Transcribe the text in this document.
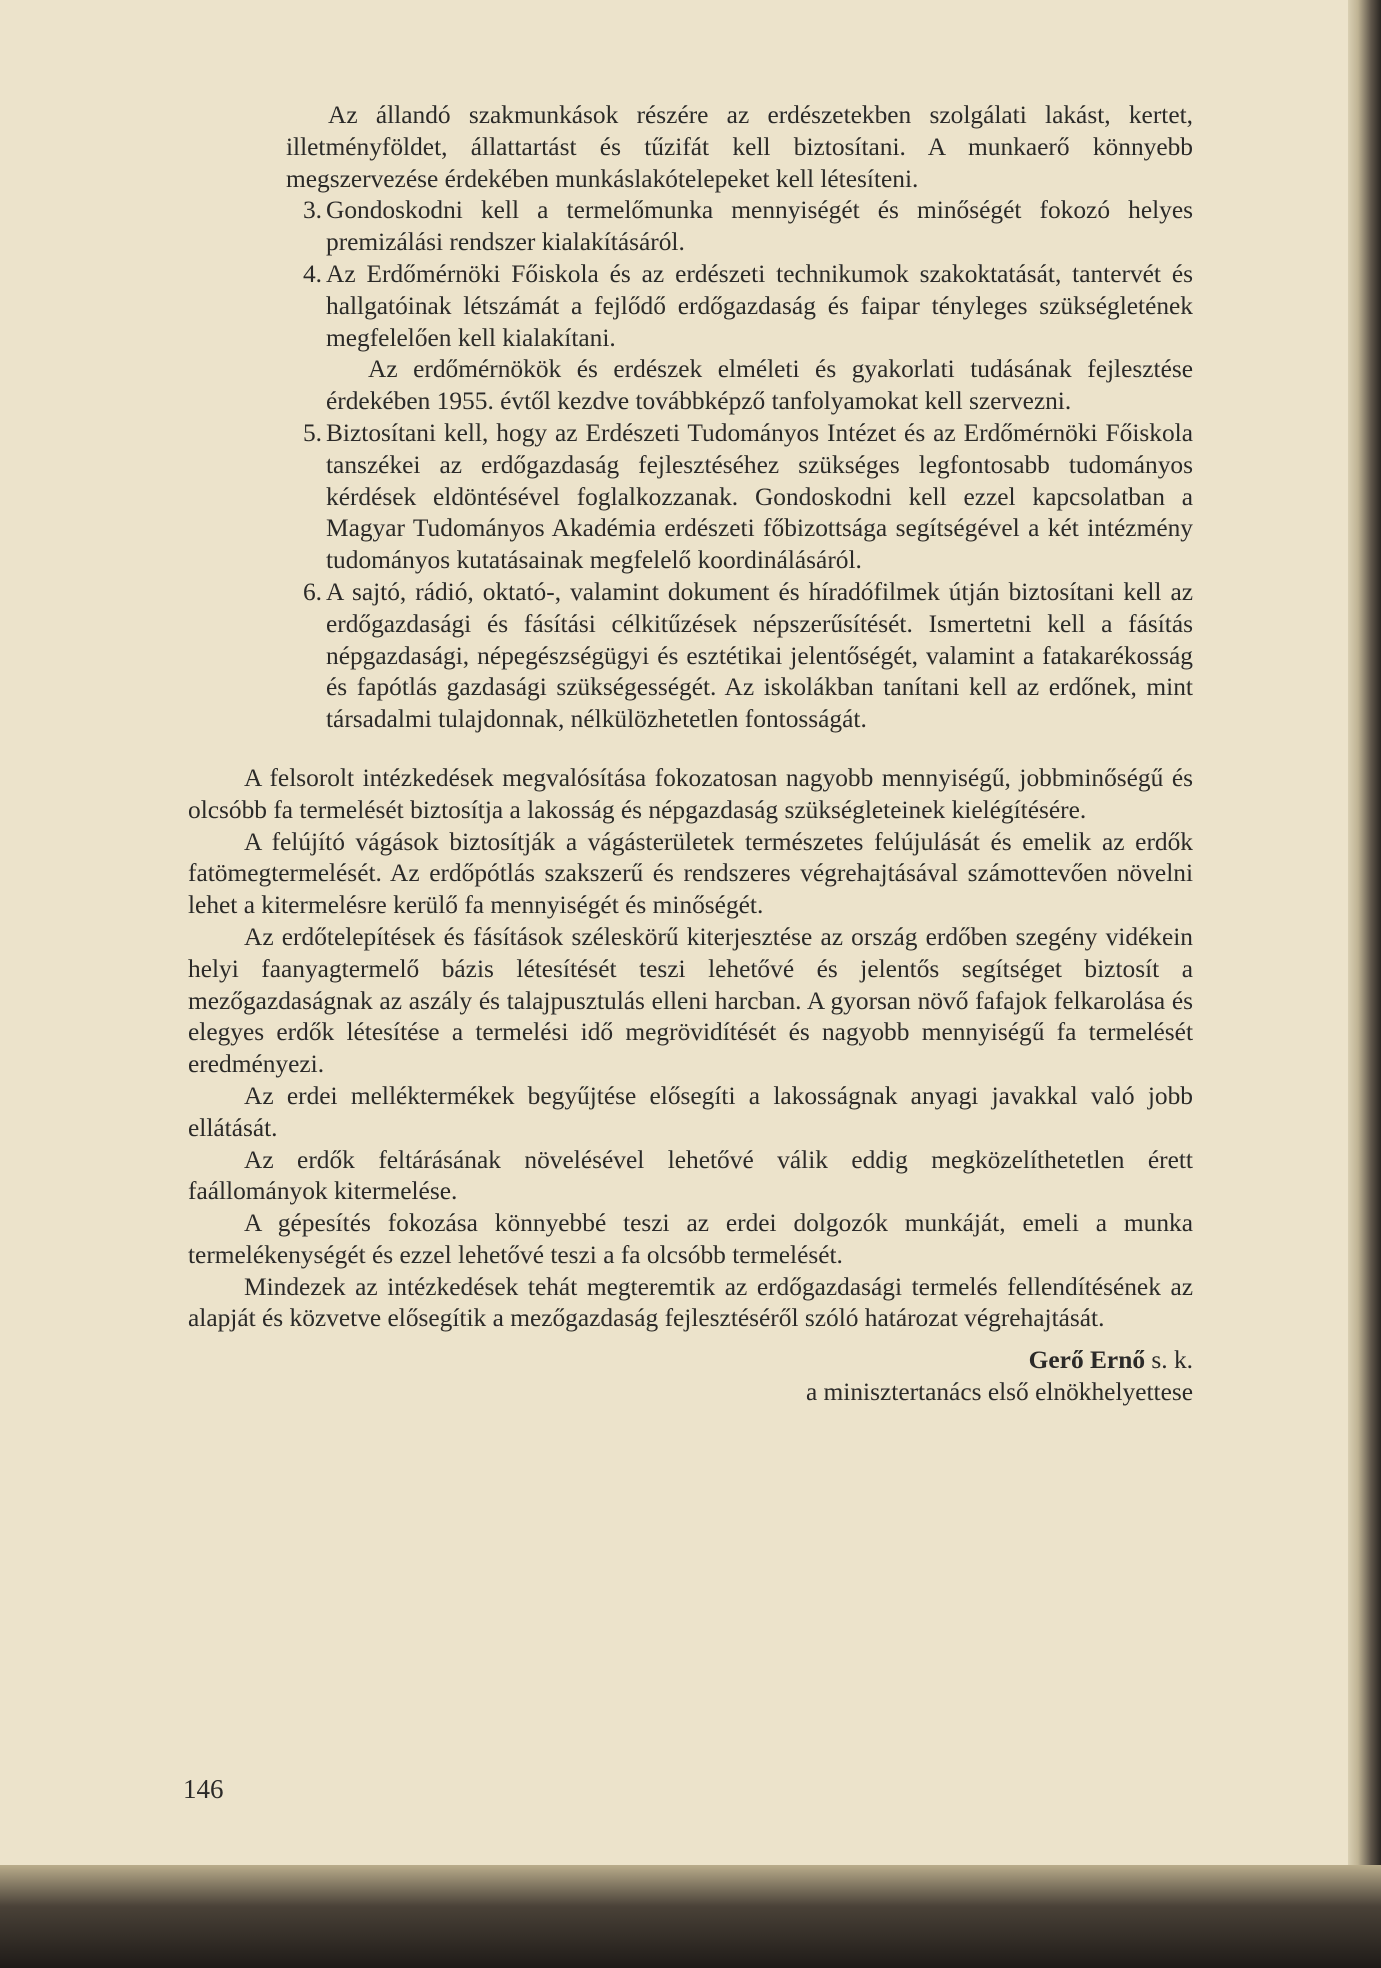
Az állandó szakmunkások részére az erdészetekben szolgálati lakást, kertet, illetményföldet, állattartást és tűzifát kell biztosítani. A munkaerő könnyebb megszervezése érdekében munkáslakótelepeket kell létesíteni.

3. Gondoskodni kell a termelőmunka mennyiségét és minőségét fokozó helyes premizálási rendszer kialakításáról.
4. Az Erdőmérnöki Főiskola és az erdészeti technikumok szakoktatását, tantervét és hallgatóinak létszámát a fejlődő erdőgazdaság és faipar tényleges szükségletének megfelelően kell kialakítani.

Az erdőmérnökök és erdészek elméleti és gyakorlati tudásának fejlesztése érdekében 1955. évtől kezdve továbbképző tanfolyamokat kell szervezni.

5. Biztosítani kell, hogy az Erdészeti Tudományos Intézet és az Erdőmérnöki Főiskola tanszékei az erdőgazdaság fejlesztéséhez szükséges legfontosabb tudományos kérdések eldöntésével foglalkozzanak. Gondoskodni kell ezzel kapcsolatban a Magyar Tudományos Akadémia erdészeti főbizottsága segítségével a két intézmény tudományos kutatásainak megfelelő koordinálásáról.
6. A sajtó, rádió, oktató-, valamint dokument és híradófilmek útján biztosítani kell az erdőgazdasági és fásítási célkitűzések népszerűsítését. Ismertetni kell a fásítás népgazdasági, népegészségügyi és esztétikai jelentőségét, valamint a fatakarékosság és fapótlás gazdasági szükségességét. Az iskolákban tanítani kell az erdőnek, mint társadalmi tulajdonnak, nélkülözhetetlen fontosságát.

A felsorolt intézkedések megvalósítása fokozatosan nagyobb mennyiségű, jobbminőségű és olcsóbb fa termelését biztosítja a lakosság és népgazdaság szükségleteinek kielégítésére.

A felújító vágások biztosítják a vágásterületek természetes felújulását és emelik az erdők fatömegtermelését. Az erdőpótlás szakszerű és rendszeres végrehajtásával számottevően növelni lehet a kitermelésre kerülő fa mennyiségét és minőségét.

Az erdőtelepítések és fásítások széleskörű kiterjesztése az ország erdőben szegény vidékein helyi faanyagtermelő bázis létesítését teszi lehetővé és jelentős segítséget biztosít a mezőgazdaságnak az aszály és talajpusztulás elleni harcban. A gyorsan növő fafajok felkarolása és elegyes erdők létesítése a termelési idő megrövidítését és nagyobb mennyiségű fa termelését eredményezi.

Az erdei melléktermékek begyűjtése elősegíti a lakosságnak anyagi javakkal való jobb ellátását.

Az erdők feltárásának növelésével lehetővé válik eddig megközelíthetetlen érett faállományok kitermelése.

A gépesítés fokozása könnyebbé teszi az erdei dolgozók munkáját, emeli a munka termelékenységét és ezzel lehetővé teszi a fa olcsóbb termelését.

Mindezek az intézkedések tehát megteremtik az erdőgazdasági termelés fellendítésének az alapját és közvetve elősegítik a mezőgazdaság fejlesztéséről szóló határozat végrehajtását.

Gerő Ernő s. k.
a minisztertanács első elnökhelyettese
146
